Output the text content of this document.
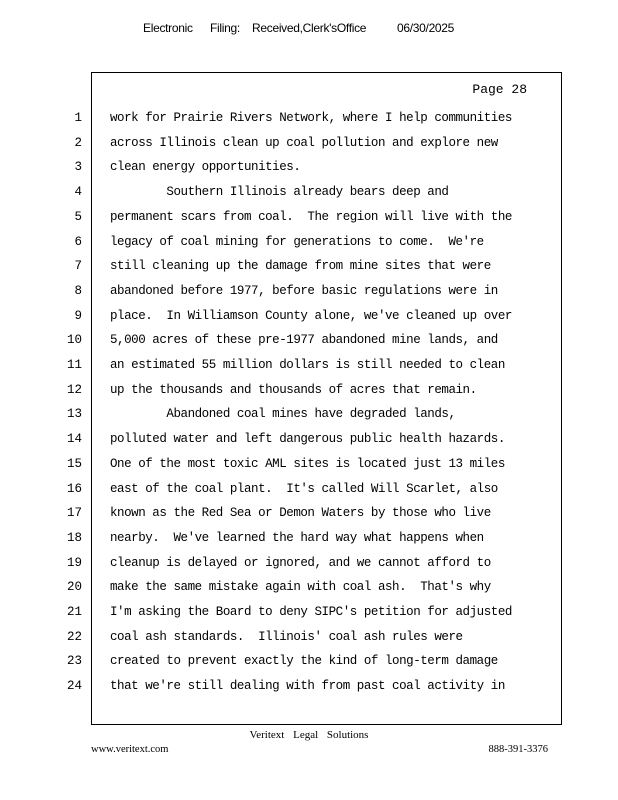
Electronic Filing: Received,Clerk'sOffice	06/30/2025
Page 28
1 work for Prairie Rivers Network, where I help communities
2 across Illinois clean up coal pollution and explore new
3 clean energy opportunities.
4 Southern Illinois already bears deep and
5 permanent scars from coal.  The region will live with the
6 legacy of coal mining for generations to come.  We're
7 still cleaning up the damage from mine sites that were
8 abandoned before 1977, before basic regulations were in
9 place.  In Williamson County alone, we've cleaned up over
10 5,000 acres of these pre-1977 abandoned mine lands, and
11 an estimated 55 million dollars is still needed to clean
12 up the thousands and thousands of acres that remain.
13 Abandoned coal mines have degraded lands,
14 polluted water and left dangerous public health hazards.
15 One of the most toxic AML sites is located just 13 miles
16 east of the coal plant.  It's called Will Scarlet, also
17 known as the Red Sea or Demon Waters by those who live
18 nearby.  We've learned the hard way what happens when
19 cleanup is delayed or ignored, and we cannot afford to
20 make the same mistake again with coal ash.  That's why
21 I'm asking the Board to deny SIPC's petition for adjusted
22 coal ash standards.  Illinois' coal ash rules were
23 created to prevent exactly the kind of long-term damage
24 that we're still dealing with from past coal activity in
Veritext Legal Solutions
www.veritext.com	888-391-3376
